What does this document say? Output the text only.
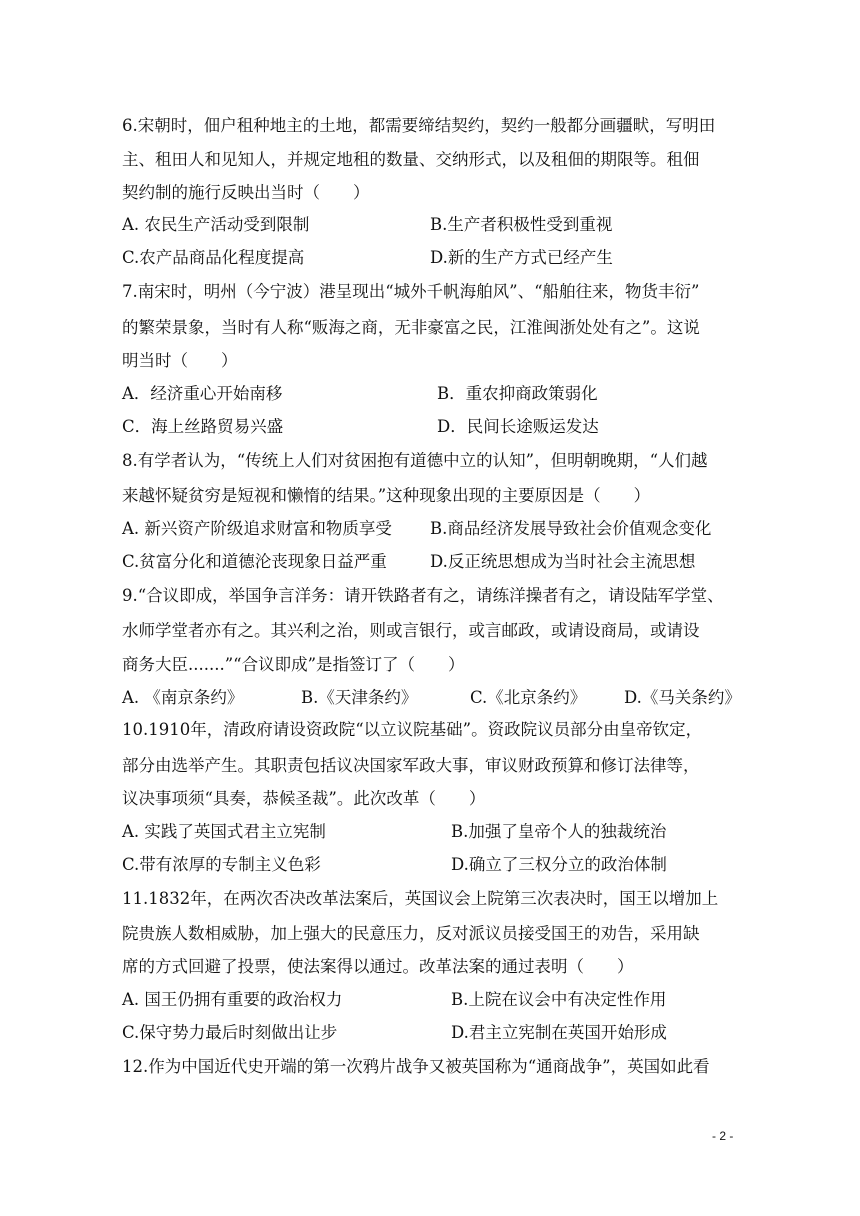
6.宋朝时，佃户租种地主的土地，都需要缔结契约，契约一般都分画疆畎，写明田
主、租田人和见知人，并规定地租的数量、交纳形式，以及租佃的期限等。租佃
契约制的施行反映出当时（　　）
A. 农民生产活动受到限制	B.生产者积极性受到重视
C.农产品商品化程度提高	D.新的生产方式已经产生
7.南宋时，明州（今宁波）港呈现出“城外千帆海舶风”、“船舶往来，物货丰衍”
的繁荣景象，当时有人称“贩海之商，无非豪富之民，江淮闽浙处处有之”。这说
明当时（　　）
A．经济重心开始南移	B．重农抑商政策弱化
C．海上丝路贸易兴盛	D．民间长途贩运发达
8.有学者认为，“传统上人们对贫困抱有道德中立的认知”，但明朝晚期，“人们越
来越怀疑贫穷是短视和懒惰的结果。”这种现象出现的主要原因是（　　）
A. 新兴资产阶级追求财富和物质享受 B.商品经济发展导致社会价值观念变化
C.贫富分化和道德沦丧现象日益严重	D.反正统思想成为当时社会主流思想
9.“合议即成，举国争言洋务：请开铁路者有之，请练洋操者有之，请设陆军学堂、
水师学堂者亦有之。其兴利之治，则或言银行，或言邮政，或请设商局，或请设
商务大臣.......”“合议即成”是指签订了（　　）
A. 《南京条约》	B.《天津条约》	C.《北京条约》 D.《马关条约》
10.1910年，清政府请设资政院“以立议院基础”。资政院议员部分由皇帝钦定，
部分由选举产生。其职责包括议决国家军政大事，审议财政预算和修订法律等，
议决事项须“具奏，恭候圣裁”。此次改革（　　）
A. 实践了英国式君主立宪制	B.加强了皇帝个人的独裁统治
C.带有浓厚的专制主义色彩	D.确立了三权分立的政治体制
11.1832年，在两次否决改革法案后，英国议会上院第三次表决时，国王以增加上
院贵族人数相威胁，加上强大的民意压力，反对派议员接受国王的劝告，采用缺
席的方式回避了投票，使法案得以通过。改革法案的通过表明（　　）
A. 国王仍拥有重要的政治权力	B.上院在议会中有决定性作用
C.保守势力最后时刻做出让步	D.君主立宪制在英国开始形成
12.作为中国近代史开端的第一次鸦片战争又被英国称为“通商战争”，英国如此看
- 2 -
